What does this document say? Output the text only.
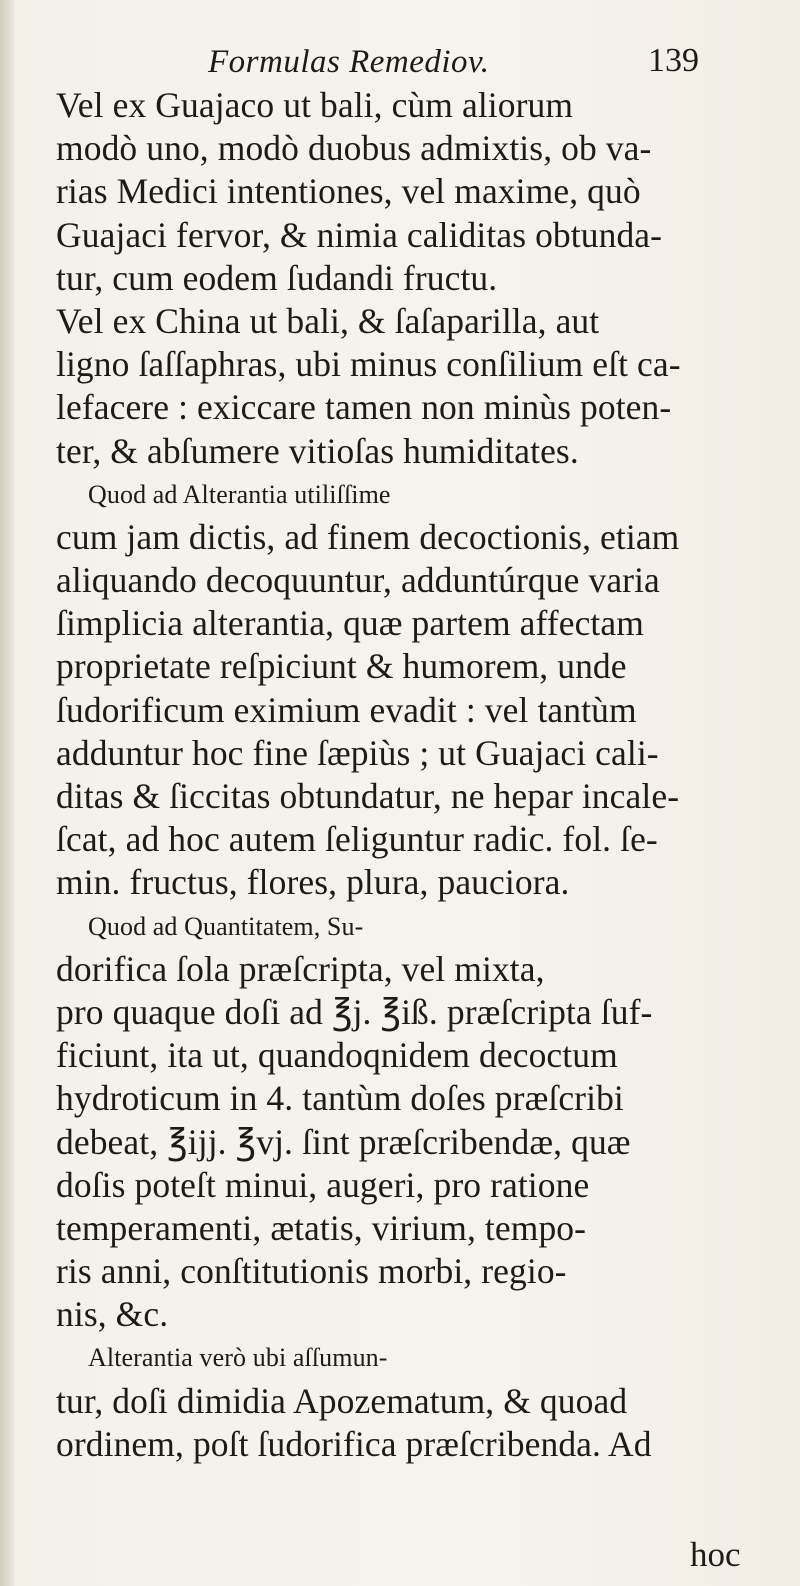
Formulas Remediov.	139
Vel ex Guajaco ut bali, cùm aliorum
modò uno, modò duobus admixtis, ob va-
rias Medici intentiones, vel maxime, quò
Guajaci fervor, & nimia caliditas obtunda-
tur, cum eodem ſudandi fructu.
Vel ex China ut bali, & ſaſaparilla, aut
ligno ſaſſaphras, ubi minus conſilium eſt ca-
lefacere : exiccare tamen non minùs poten-
ter, & abſumere vitioſas humiditates.
Quod ad Alterantia utiliſſime
cum jam dictis, ad finem decoctionis, etiam
aliquando decoquuntur, adduntúrque varia
ſimplicia alterantia, quæ partem affectam
proprietate reſpiciunt & humorem, unde
ſudorificum eximium evadit : vel tantùm
adduntur hoc fine ſæpiùs ; ut Guajaci cali-
ditas & ſiccitas obtundatur, ne hepar incale-
ſcat, ad hoc autem ſeliguntur radic. fol. ſe-
min. fructus, flores, plura, pauciora.
Quod ad Quantitatem, Su-
dorifica ſola præſcripta, vel mixta,
pro quaque doſi ad ℥j. ℥iß. præſcripta ſuf-
ficiunt, ita ut, quandoqnidem decoctum
hydroticum in 4. tantùm doſes præſcribi
debeat, ℥ijj. ℥vj. ſint præſcribendæ, quæ
doſis poteſt minui, augeri, pro ratione
temperamenti, ætatis, virium, tempo-
ris anni, conſtitutionis morbi, regio-
nis, &c.
Alterantia verò ubi aſſumun-
tur, doſi dimidia Apozematum, & quoad
ordinem, poſt ſudorifica præſcribenda. Ad
hoc
